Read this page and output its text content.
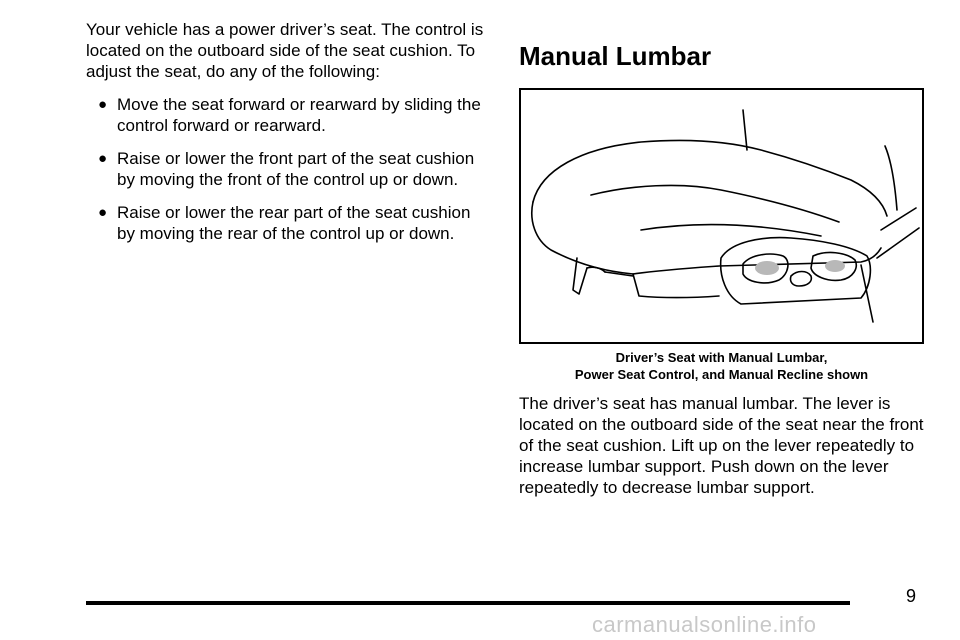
Your vehicle has a power driver’s seat. The control is located on the outboard side of the seat cushion. To adjust the seat, do any of the following:

● Move the seat forward or rearward by sliding the control forward or rearward.
● Raise or lower the front part of the seat cushion by moving the front of the control up or down.
● Raise or lower the rear part of the seat cushion by moving the rear of the control up or down.
Manual Lumbar
Driver’s Seat with Manual Lumbar,
Power Seat Control, and Manual Recline shown
The driver’s seat has manual lumbar. The lever is located on the outboard side of the seat near the front of the seat cushion. Lift up on the lever repeatedly to increase lumbar support. Push down on the lever repeatedly to decrease lumbar support.
9
carmanualsonline.info
